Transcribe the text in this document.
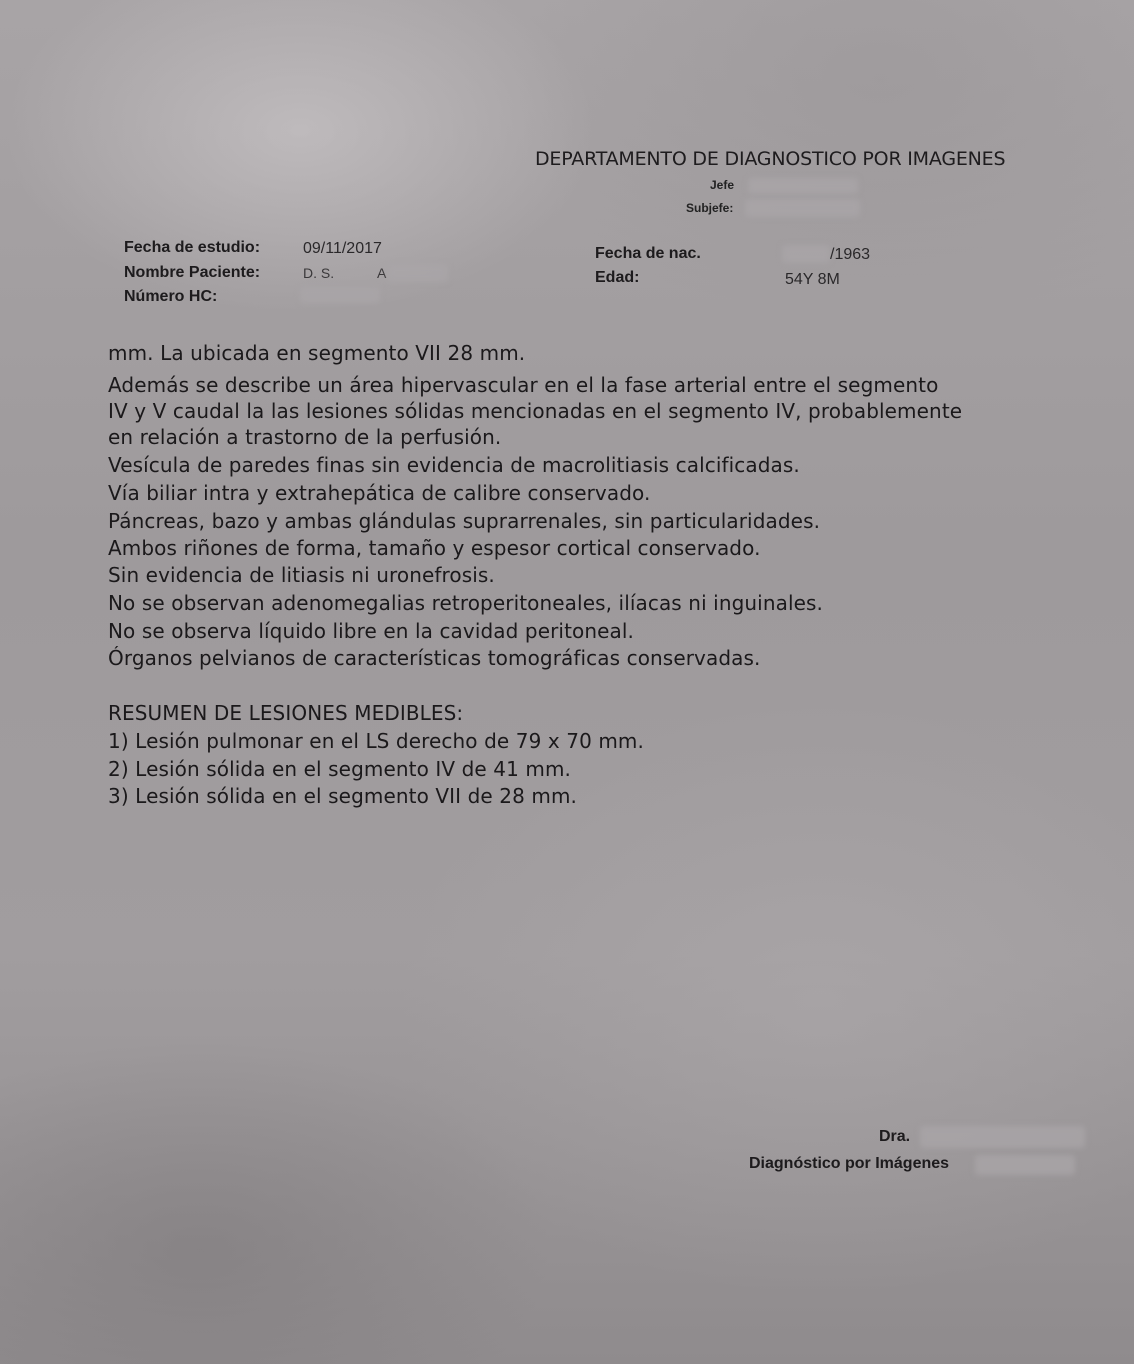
DEPARTAMENTO DE DIAGNOSTICO POR IMAGENES
Jefe
Subjefe:
Fecha de estudio:	09/11/2017
Nombre Paciente:	D. S.	A
Número HC:
Fecha de nac.	/1963
Edad:	54Y 8M
mm. La ubicada en segmento VII 28 mm.
Además se describe un área hipervascular en el la fase arterial entre el segmento
IV y V caudal la las lesiones sólidas mencionadas en el segmento IV, probablemente
en relación a trastorno de la perfusión.
Vesícula de paredes finas sin evidencia de macrolitiasis calcificadas.
Vía biliar intra y extrahepática de calibre conservado.
Páncreas, bazo y ambas glándulas suprarrenales, sin particularidades.
Ambos riñones de forma, tamaño y espesor cortical conservado.
Sin evidencia de litiasis ni uronefrosis.
No se observan adenomegalias retroperitoneales, ilíacas ni inguinales.
No se observa líquido libre en la cavidad peritoneal.
Órganos pelvianos de características tomográficas conservadas.
RESUMEN DE LESIONES MEDIBLES:
1) Lesión pulmonar en el LS derecho de 79 x 70 mm.
2) Lesión sólida en el segmento IV de 41 mm.
3) Lesión sólida en el segmento VII de 28 mm.
Dra.
Diagnóstico por Imágenes
